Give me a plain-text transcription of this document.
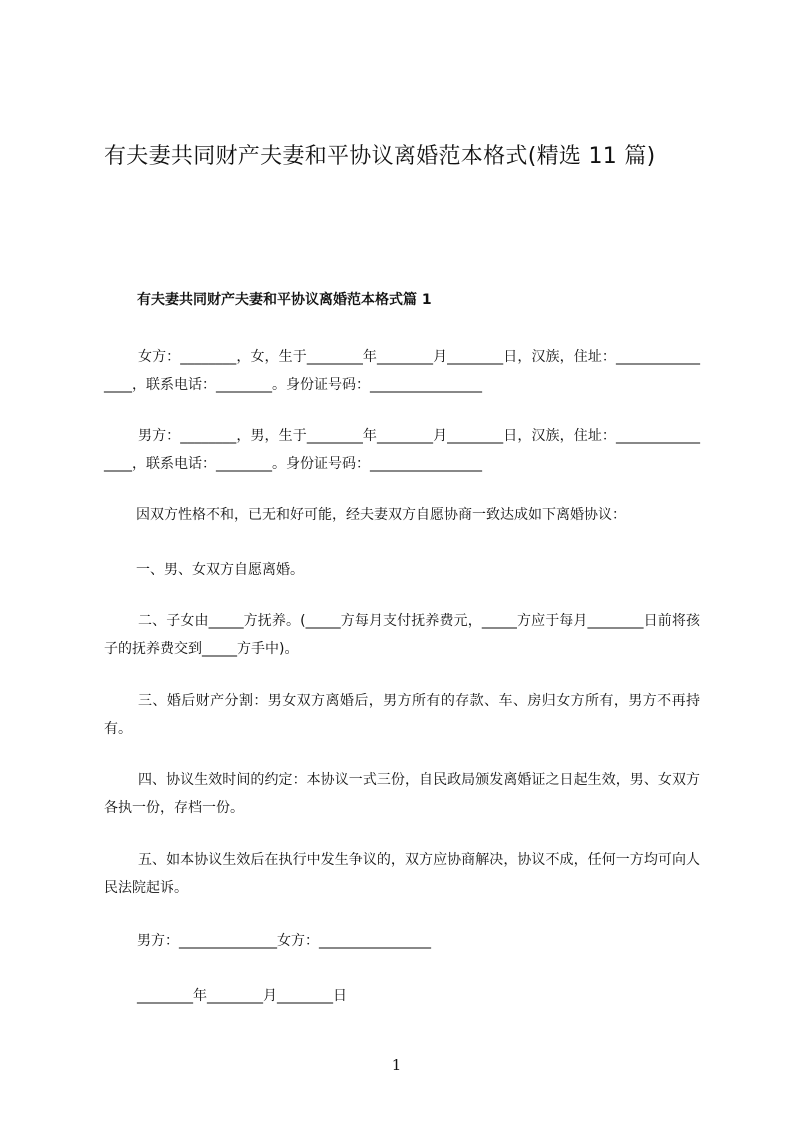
有夫妻共同财产夫妻和平协议离婚范本格式(精选 11 篇)
有夫妻共同财产夫妻和平协议离婚范本格式篇 1
女方：________，女，生于________年________月________日，汉族，住址：________________，联系电话：________。身份证号码：________________
男方：________，男，生于________年________月________日，汉族，住址：________________，联系电话：________。身份证号码：________________
因双方性格不和，已无和好可能，经夫妻双方自愿协商一致达成如下离婚协议：
一、男、女双方自愿离婚。
二、子女由_____方抚养。(_____方每月支付抚养费元，_____方应于每月________日前将孩子的抚养费交到_____方手中)。
三、婚后财产分割：男女双方离婚后，男方所有的存款、车、房归女方所有，男方不再持有。
四、协议生效时间的约定：本协议一式三份，自民政局颁发离婚证之日起生效，男、女双方各执一份，存档一份。
五、如本协议生效后在执行中发生争议的，双方应协商解决，协议不成，任何一方均可向人民法院起诉。
男方：______________女方：________________
________年________月________日
1
